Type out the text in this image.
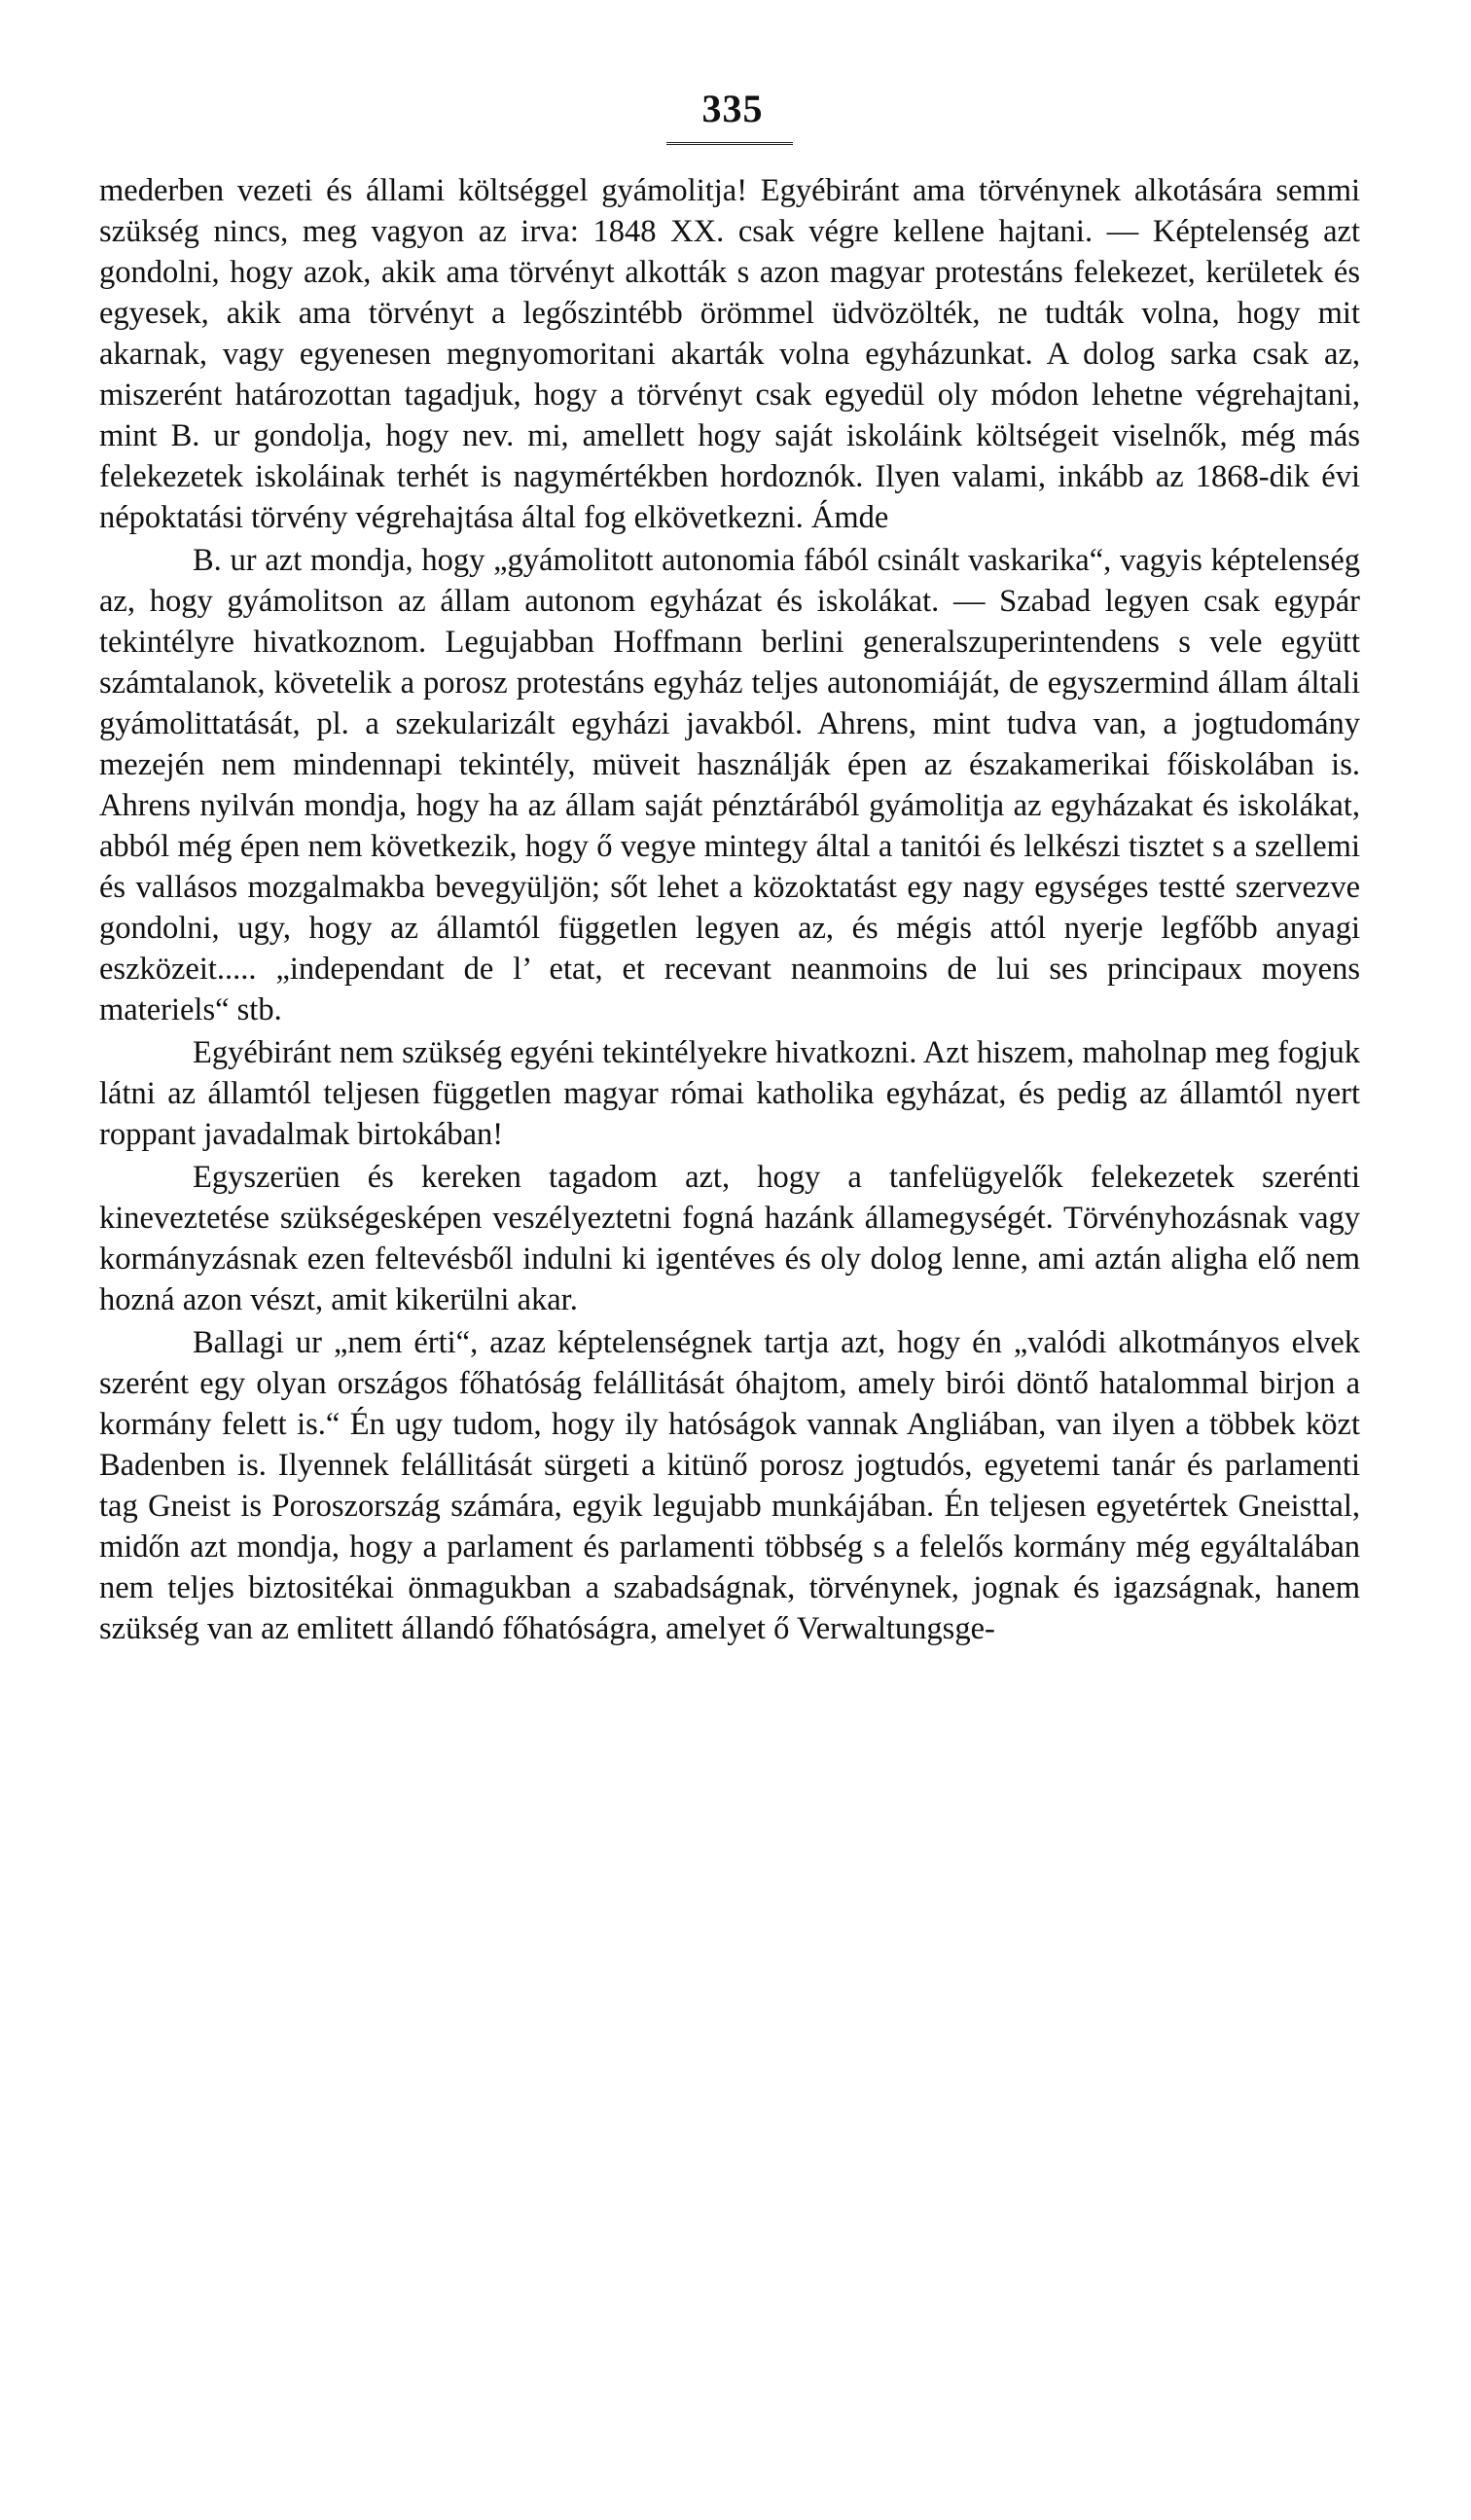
335

mederben vezeti és állami költséggel gyámolitja! Egyébiránt ama törvénynek alkotására semmi szükség nincs, meg vagyon az irva: 1848 XX. csak végre kellene hajtani. — Képtelenség azt gondolni, hogy azok, akik ama törvényt alkották s azon magyar protestáns felekezet, kerületek és egyesek, akik ama törvényt a legőszintébb örömmel üdvözölték, ne tudták volna, hogy mit akarnak, vagy egyenesen megnyomoritani akarták volna egyházunkat. A dolog sarka csak az, miszerént határozottan tagadjuk, hogy a törvényt csak egyedül oly módon lehetne végrehajtani, mint B. ur gondolja, hogy nev. mi, amellett hogy saját iskoláink költségeit viselnők, még más felekezetek iskoláinak terhét is nagymértékben hordoznók. Ilyen valami, inkább az 1868-dik évi népoktatási törvény végrehajtása által fog elkövetkezni. Ámde

B. ur azt mondja, hogy „gyámolitott autonomia fából csinált vaskarika“, vagyis képtelenség az, hogy gyámolitson az állam autonom egyházat és iskolákat. — Szabad legyen csak egypár tekintélyre hivatkoznom. Legujabban Hoffmann berlini generalszuperintendens s vele együtt számtalanok, követelik a porosz protestáns egyház teljes autonomiáját, de egyszermind állam általi gyámolittatását, pl. a szekularizált egyházi javakból. Ahrens, mint tudva van, a jogtudomány mezején nem mindennapi tekintély, müveit használják épen az északamerikai főiskolában is. Ahrens nyilván mondja, hogy ha az állam saját pénztárából gyámolitja az egyházakat és iskolákat, abból még épen nem következik, hogy ő vegye mintegy által a tanitói és lelkészi tisztet s a szellemi és vallásos mozgalmakba bevegyüljön; sőt lehet a közoktatást egy nagy egységes testté szervezve gondolni, ugy, hogy az államtól független legyen az, és mégis attól nyerje legfőbb anyagi eszközeit..... „independant de l’ etat, et recevant neanmoins de lui ses principaux moyens materiels“ stb.

Egyébiránt nem szükség egyéni tekintélyekre hivatkozni. Azt hiszem, maholnap meg fogjuk látni az államtól teljesen független magyar római katholika egyházat, és pedig az államtól nyert roppant javadalmak birtokában!

Egyszerüen és kereken tagadom azt, hogy a tanfelügyelők felekezetek szerénti kineveztetése szükségesképen veszélyeztetni fogná hazánk államegységét. Törvényhozásnak vagy kormányzásnak ezen feltevésből indulni ki igentéves és oly dolog lenne, ami aztán aligha elő nem hozná azon vészt, amit kikerülni akar.

Ballagi ur „nem érti“, azaz képtelenségnek tartja azt, hogy én „valódi alkotmányos elvek szerént egy olyan országos főhatóság felállitását óhajtom, amely birói döntő hatalommal birjon a kormány felett is.“ Én ugy tudom, hogy ily hatóságok vannak Angliában, van ilyen a többek közt Badenben is. Ilyennek felállitását sürgeti a kitünő porosz jogtudós, egyetemi tanár és parlamenti tag Gneist is Poroszország számára, egyik legujabb munkájában. Én teljesen egyetértek Gneisttal, midőn azt mondja, hogy a parlament és parlamenti többség s a felelős kormány még egyáltalában nem teljes biztositékai önmagukban a szabadságnak, törvénynek, jognak és igazságnak, hanem szükség van az emlitett állandó főhatóságra, amelyet ő Verwaltungsge-
